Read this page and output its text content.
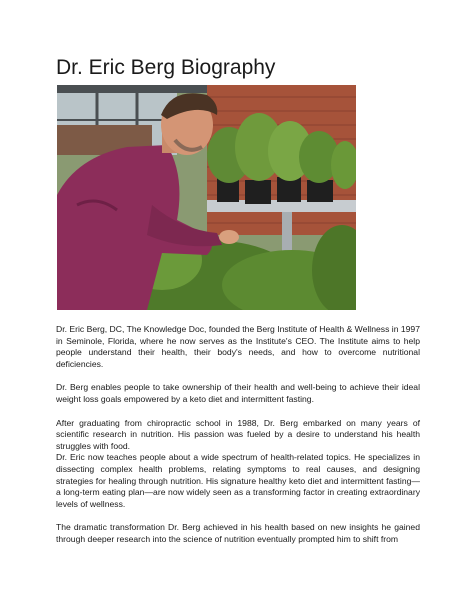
Dr. Eric Berg Biography

Dr. Eric Berg, DC, The Knowledge Doc, founded the Berg Institute of Health & Wellness in 1997 in Seminole, Florida, where he now serves as the Institute's CEO. The Institute aims to help people understand their health, their body's needs, and how to overcome nutritional deficiencies.

Dr. Berg enables people to take ownership of their health and well-being to achieve their ideal weight loss goals empowered by a keto diet and intermittent fasting.

After graduating from chiropractic school in 1988, Dr. Berg embarked on many years of scientific research in nutrition. His passion was fueled by a desire to understand his health struggles with food.

Dr. Eric now teaches people about a wide spectrum of health-related topics. He specializes in dissecting complex health problems, relating symptoms to real causes, and designing strategies for healing through nutrition. His signature healthy keto diet and intermittent fasting—a long-term eating plan—are now widely seen as a transforming factor in creating extraordinary levels of wellness.

The dramatic transformation Dr. Berg achieved in his health based on new insights he gained through deeper research into the science of nutrition eventually prompted him to shift from
